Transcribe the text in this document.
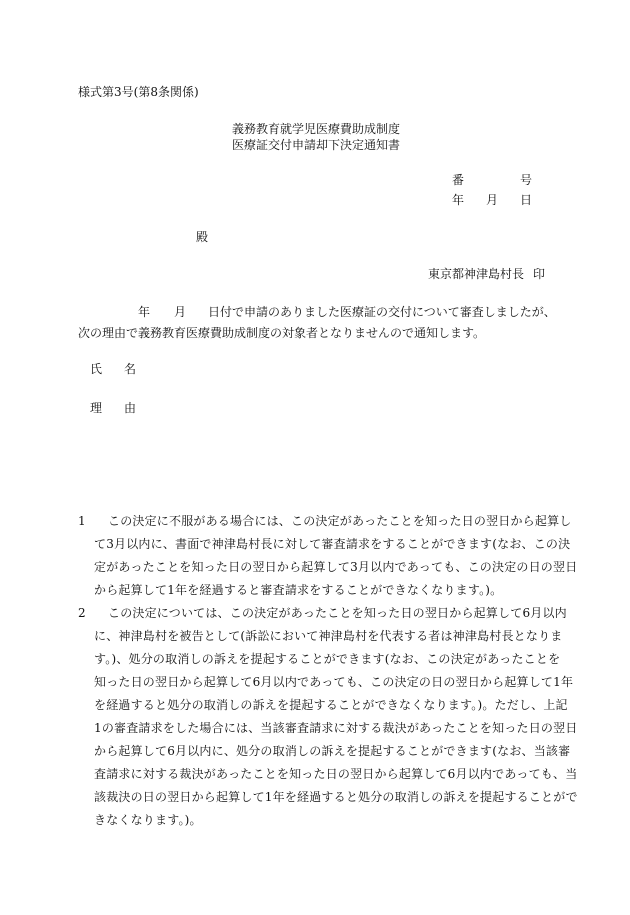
様式第3号(第8条関係)
義務教育就学児医療費助成制度
医療証交付申請却下決定通知書
番	号
年 月 日
殿
東京都神津島村長 印
年 月 日付で申請のありました医療証の交付について審査しましたが、
次の理由で義務教育医療費助成制度の対象者となりませんので通知します。
氏 名
理 由
1	この決定に不服がある場合には、この決定があったことを知った日の翌日から起算し
て3月以内に、書面で神津島村長に対して審査請求をすることができます(なお、この決
定があったことを知った日の翌日から起算して3月以内であっても、この決定の日の翌日
から起算して1年を経過すると審査請求をすることができなくなります。)。
2	この決定については、この決定があったことを知った日の翌日から起算して6月以内
に、神津島村を被告として(訴訟において神津島村を代表する者は神津島村長となりま
す。)、処分の取消しの訴えを提起することができます(なお、この決定があったことを
知った日の翌日から起算して6月以内であっても、この決定の日の翌日から起算して1年
を経過すると処分の取消しの訴えを提起することができなくなります。)。ただし、上記
1の審査請求をした場合には、当該審査請求に対する裁決があったことを知った日の翌日
から起算して6月以内に、処分の取消しの訴えを提起することができます(なお、当該審
査請求に対する裁決があったことを知った日の翌日から起算して6月以内であっても、当
該裁決の日の翌日から起算して1年を経過すると処分の取消しの訴えを提起することがで
きなくなります。)。
